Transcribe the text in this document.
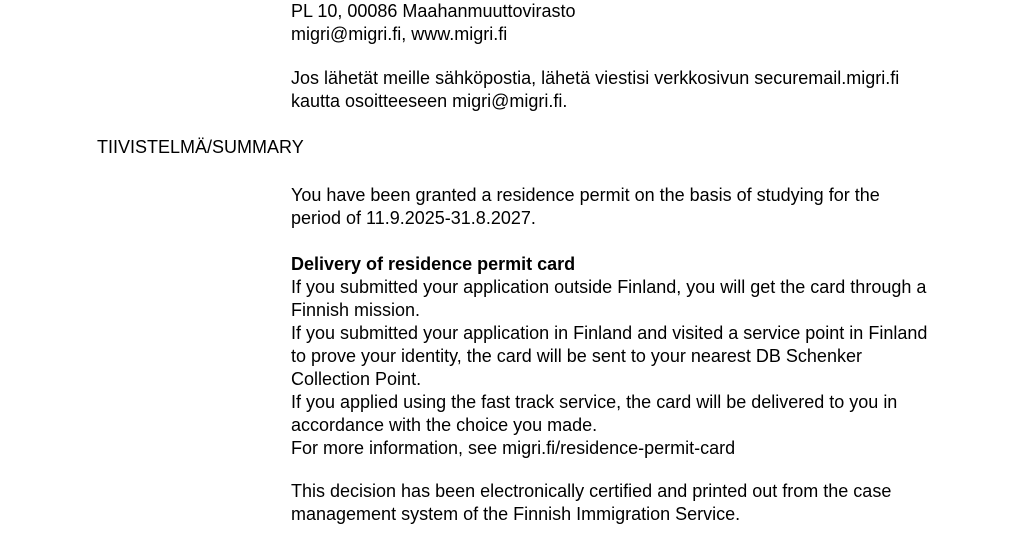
PL 10, 00086 Maahanmuuttovirasto
migri@migri.fi, www.migri.fi
Jos lähetät meille sähköpostia, lähetä viestisi verkkosivun securemail.migri.fi
kautta osoitteeseen migri@migri.fi.
TIIVISTELMÄ/SUMMARY
You have been granted a residence permit on the basis of studying for the
period of 11.9.2025-31.8.2027.
Delivery of residence permit card
If you submitted your application outside Finland, you will get the card through a
Finnish mission.
If you submitted your application in Finland and visited a service point in Finland
to prove your identity, the card will be sent to your nearest DB Schenker
Collection Point.
If you applied using the fast track service, the card will be delivered to you in
accordance with the choice you made.
For more information, see migri.fi/residence-permit-card
This decision has been electronically certified and printed out from the case
management system of the Finnish Immigration Service.
